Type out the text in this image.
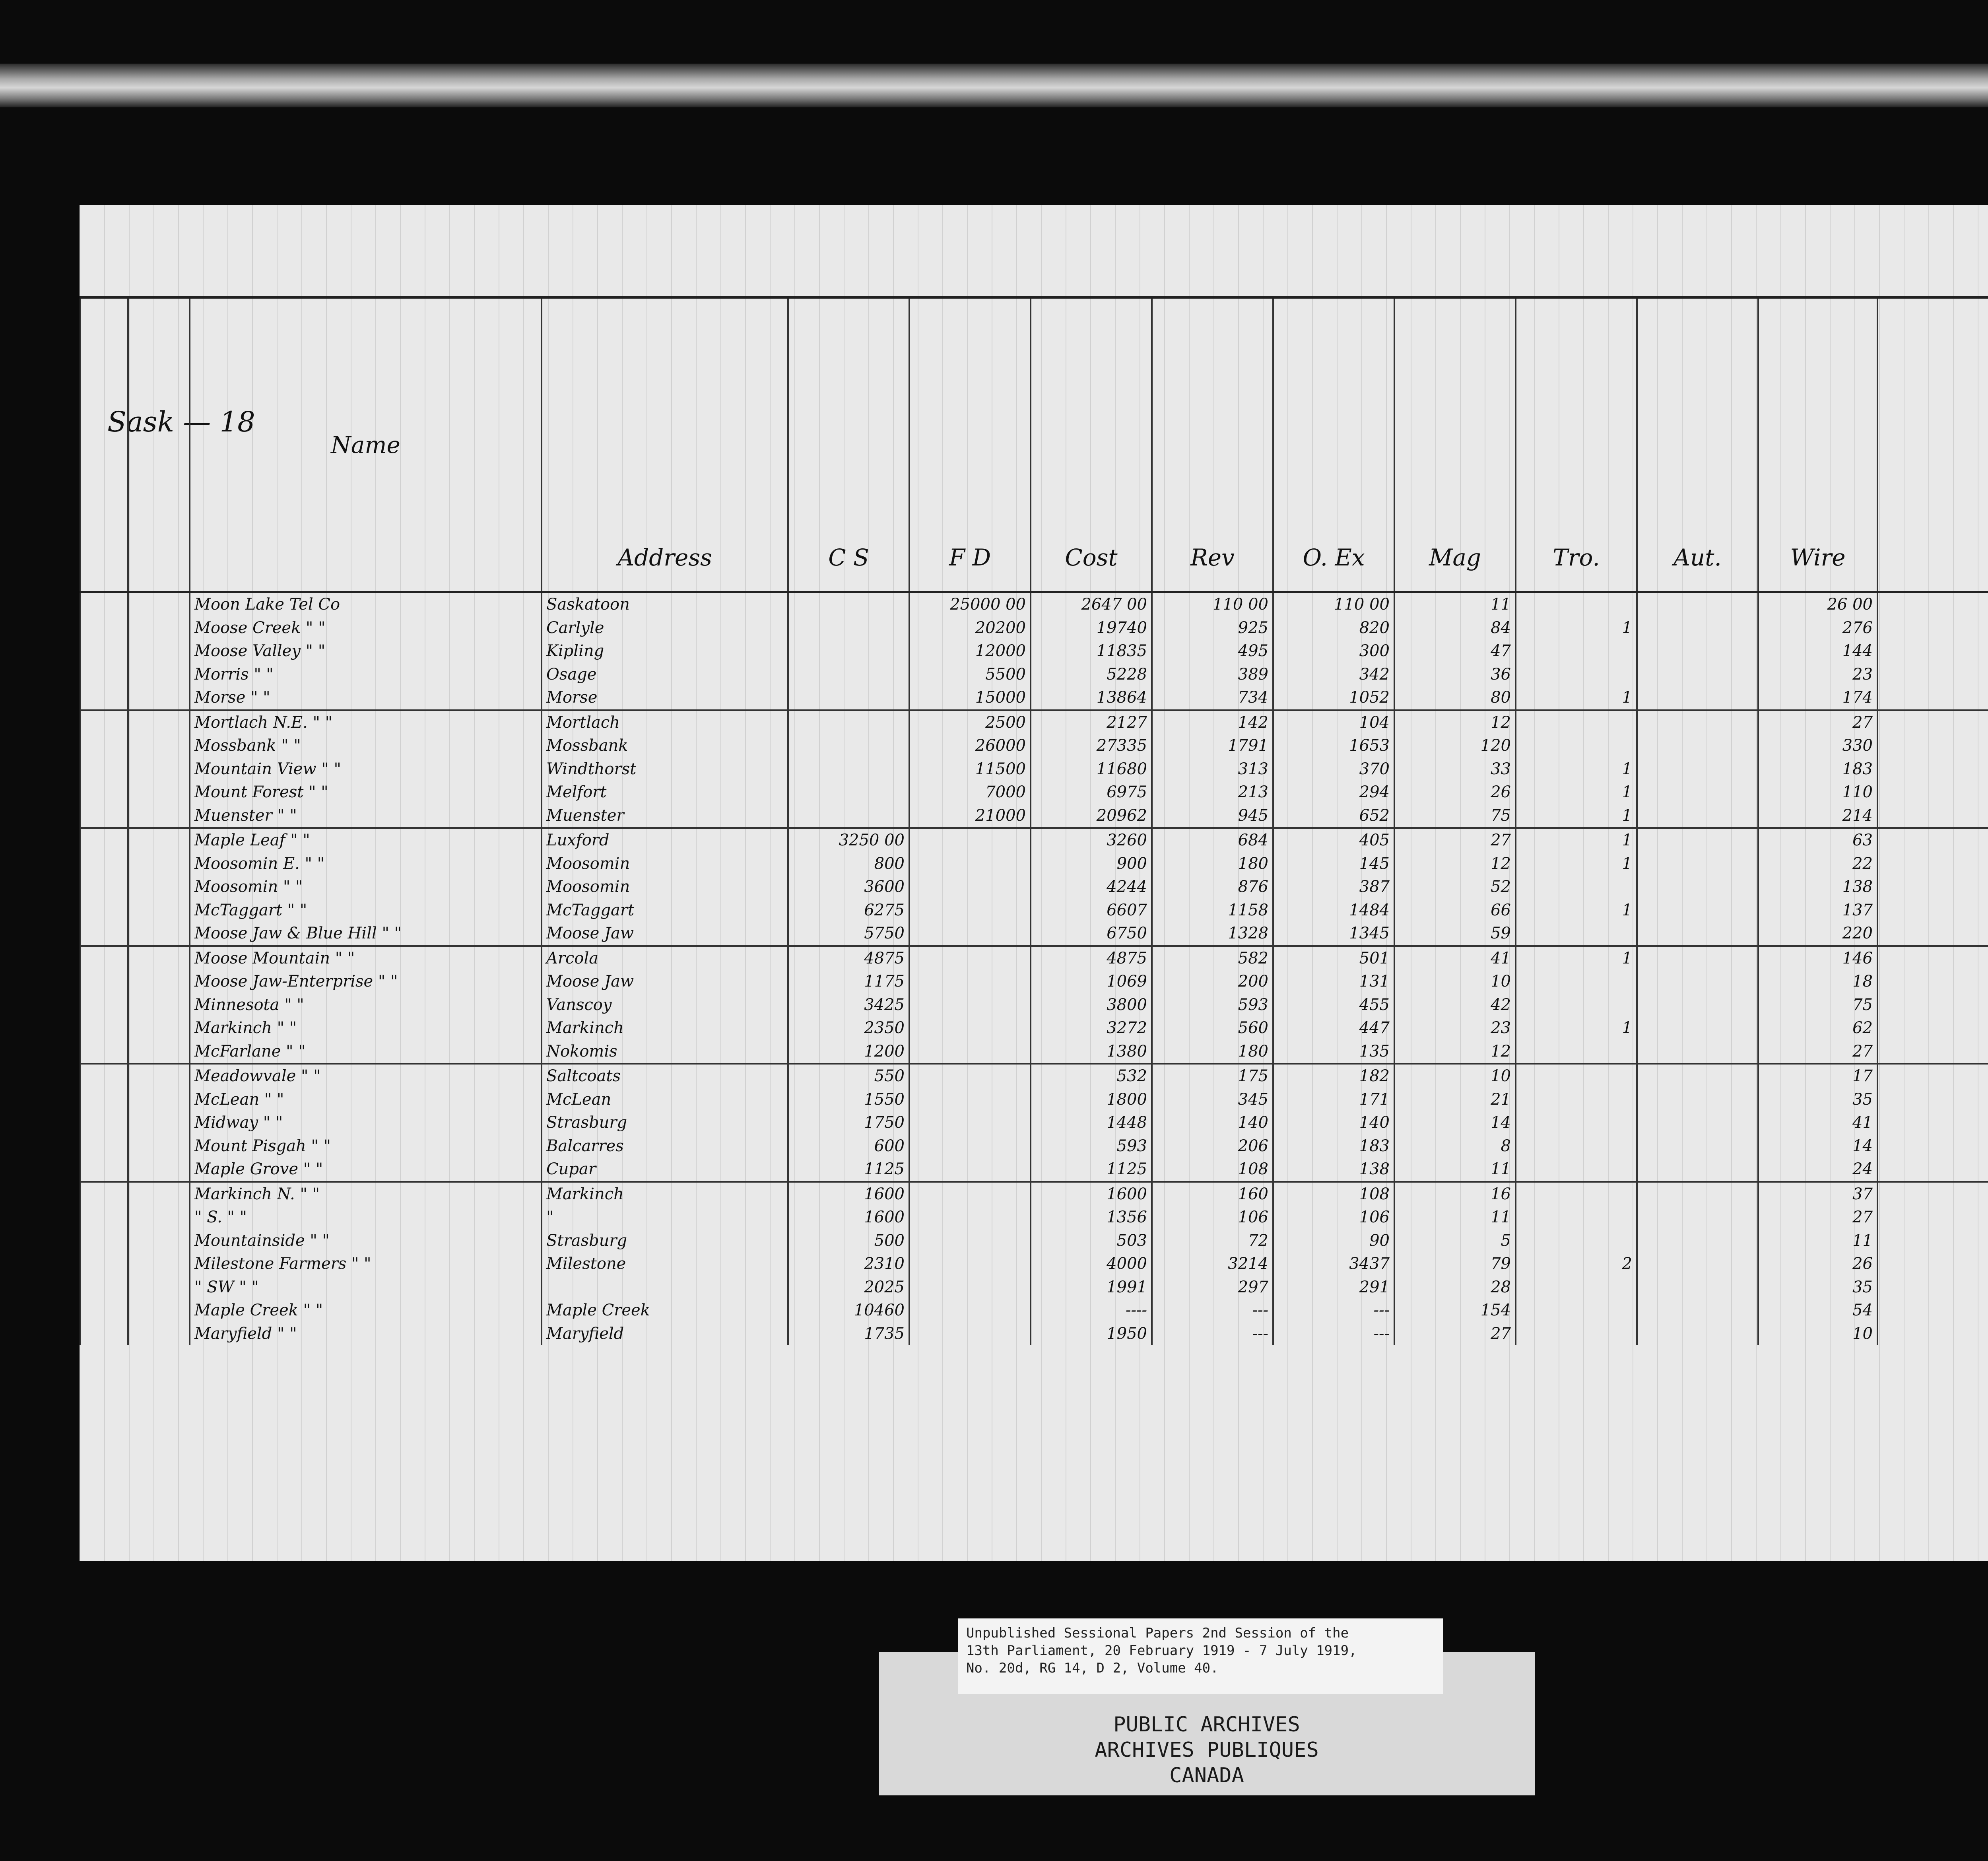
Sask — 18
		Name	Address	C S	F D	Cost	Rev	O. Ex	Mag	Tro.	Aut.	Wire		
		Moon Lake Tel Co	Saskatoon		25000 00	2647 00	110 00	110 00	11			26 00		
		Moose Creek " "	Carlyle		20200	19740	925	820	84	1		276		
		Moose Valley " "	Kipling		12000	11835	495	300	47			144		
		Morris " "	Osage		5500	5228	389	342	36			23		
		Morse " "	Morse		15000	13864	734	1052	80	1		174		
		Mortlach N.E. " "	Mortlach		2500	2127	142	104	12			27		
		Mossbank " "	Mossbank		26000	27335	1791	1653	120			330		
		Mountain View " "	Windthorst		11500	11680	313	370	33	1		183		
		Mount Forest " "	Melfort		7000	6975	213	294	26	1		110		
		Muenster " "	Muenster		21000	20962	945	652	75	1		214		
		Maple Leaf " "	Luxford	3250 00		3260	684	405	27	1		63		
		Moosomin E. " "	Moosomin	800		900	180	145	12	1		22		
		Moosomin " "	Moosomin	3600		4244	876	387	52			138		
		McTaggart " "	McTaggart	6275		6607	1158	1484	66	1		137		
		Moose Jaw & Blue Hill " "	Moose Jaw	5750		6750	1328	1345	59			220		
		Moose Mountain " "	Arcola	4875		4875	582	501	41	1		146		
		Moose Jaw-Enterprise " "	Moose Jaw	1175		1069	200	131	10			18		
		Minnesota " "	Vanscoy	3425		3800	593	455	42			75		
		Markinch " "	Markinch	2350		3272	560	447	23	1		62		
		McFarlane " "	Nokomis	1200		1380	180	135	12			27		
		Meadowvale " "	Saltcoats	550		532	175	182	10			17		
		McLean " "	McLean	1550		1800	345	171	21			35		
		Midway " "	Strasburg	1750		1448	140	140	14			41		
		Mount Pisgah " "	Balcarres	600		593	206	183	8			14		
		Maple Grove " "	Cupar	1125		1125	108	138	11			24		
		Markinch N. " "	Markinch	1600		1600	160	108	16			37		
		" S. " "	"	1600		1356	106	106	11			27		
		Mountainside " "	Strasburg	500		503	72	90	5			11		
		Milestone Farmers " "	Milestone	2310		4000	3214	3437	79	2		26		
		" SW " "		2025		1991	297	291	28			35		
		Maple Creek " "	Maple Creek	10460		----	---	---	154			54		
		Maryfield " "	Maryfield	1735		1950	---	---	27			10		
PUBLIC ARCHIVES
ARCHIVES PUBLIQUES
CANADA
Unpublished Sessional Papers 2nd Session of the
13th Parliament, 20 February 1919 - 7 July 1919,
No. 20d, RG 14, D 2, Volume 40.
